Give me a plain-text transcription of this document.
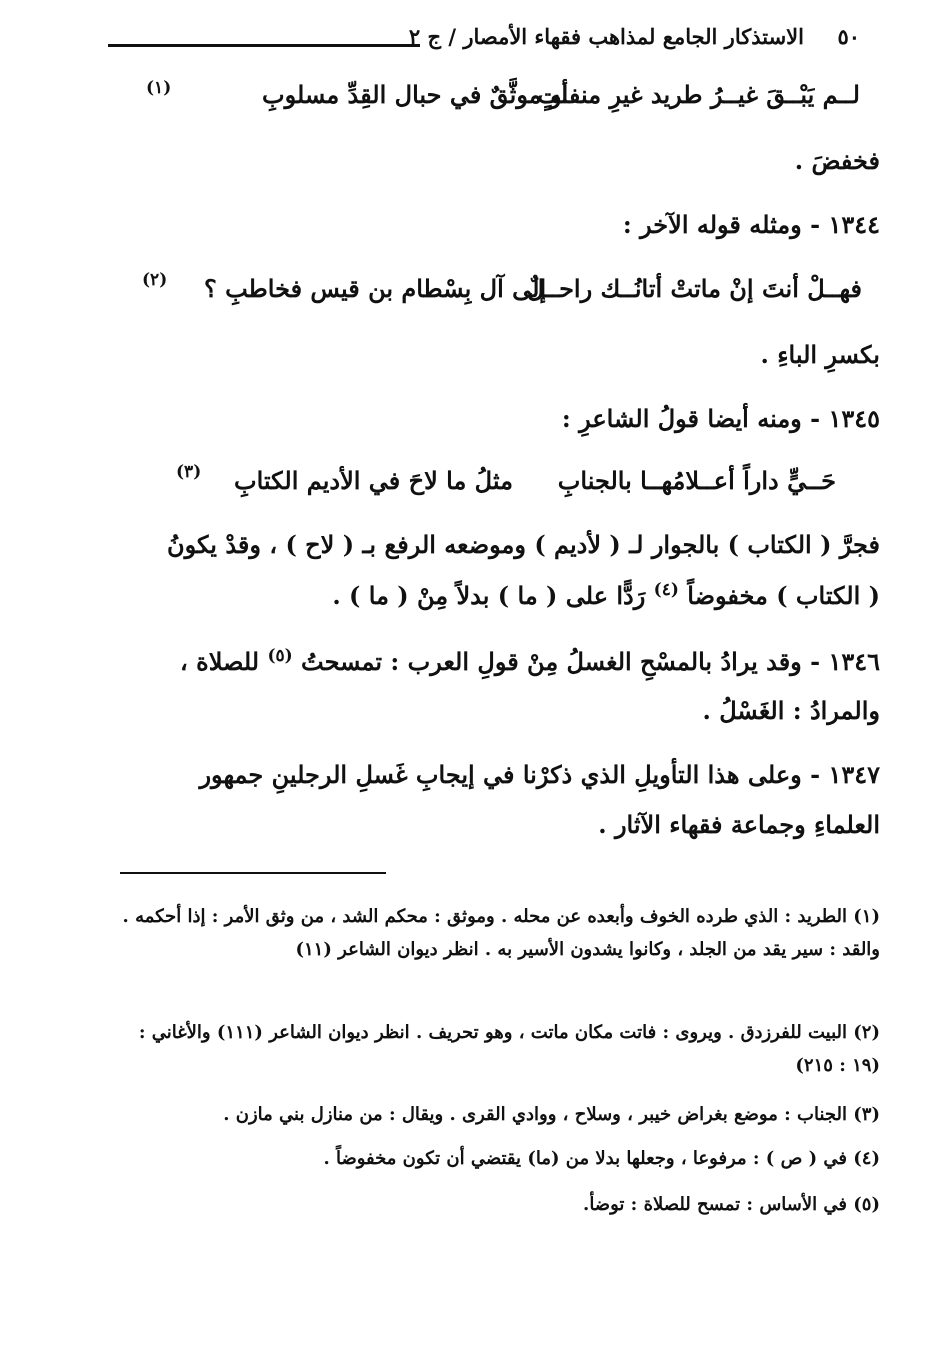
٥٠
الاستذكار الجامع لمذاهب فقهاء الأمصار / ج ٢
لــم يَبْــقَ غيــرُ طريد غيرِ منفلتٍ
أو موثَّقٌ في حبال القِدِّ مسلوبِ
(١)
فخفضَ .
١٣٤٤ - ومثله قوله الآخر :
فهــلْ أنتَ إنْ ماتتْ أتانُــك راحــلٌ
إلى آل بِسْطام بن قيس فخاطبِ ؟
(٢)
بكسرِ الباءِ .
١٣٤٥ - ومنه أيضا قولُ الشاعرِ :
حَــيٍّ داراً أعــلامُهــا بالجنابِ
مثلُ ما لاحَ في الأديم الكتابِ
(٣)
فجرَّ ( الكتاب ) بالجوار لـ ( لأديم ) وموضعه الرفع بـ ( لاح ) ، وقدْ يكونُ
( الكتاب ) مخفوضاً $^{(٤)}$ رَدًّا على ( ما ) بدلاً مِنْ ( ما ) .
١٣٤٦ - وقد يرادُ بالمسْحِ الغسلُ مِنْ قولِ العرب : تمسحتُ $^{(٥)}$ للصلاة ،
والمرادُ : الغَسْلُ .
١٣٤٧ - وعلى هذا التأويلِ الذي ذكرْنا في إيجابِ غَسلِ الرجلينِ جمهور
العلماءِ وجماعة فقهاء الآثار .
(١) الطريد : الذي طرده الخوف وأبعده عن محله . وموثق : محكم الشد ، من وثق الأمر : إذا أحكمه . والقد : سير يقد من الجلد ، وكانوا يشدون الأسير به . انظر ديوان الشاعر (١١)
(٢) البيت للفرزدق . ويروى : فاتت مكان ماتت ، وهو تحريف . انظر ديوان الشاعر (١١١) والأغاني : (١٩ : ٢١٥)
(٣) الجناب : موضع بغراض خيبر ، وسلاح ، ووادي القرى . ويقال : من منازل بني مازن .
(٤) في ( ص ) : مرفوعا ، وجعلها بدلا من (ما) يقتضي أن تكون مخفوضاً .
(٥) في الأساس : تمسح للصلاة : توضأ.
